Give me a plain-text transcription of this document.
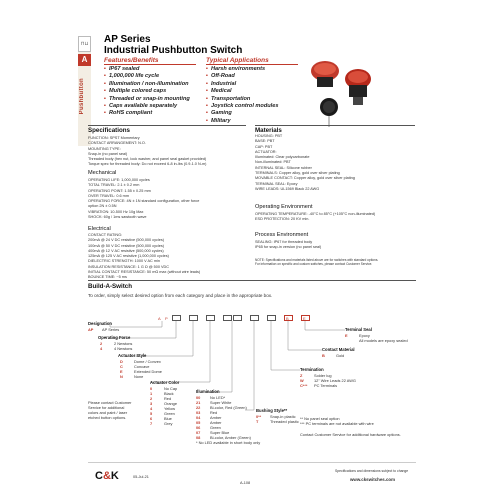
Pushbutton
⊓⊔
A
AP Series
Industrial Pushbutton Switch
Features/Benefits
▪ IP67 sealed
▪ 1,000,000 life cycle
▪ Illumination / non-illumination
▪ Multiple colored caps
▪ Threaded or snap-in mounting
▪ Caps available separately
▪ RoHS compliant
Typical Applications
▪ Harsh environments
▪ Off-Road
▪ Industrial
▪ Medical
▪ Transportation
▪ Joystick control modules
▪ Gaming
▪ Military
Specifications
FUNCTION: SPST Momentary
CONTACT ARRANGEMENT: N.O.
MOUNTING TYPE:
Snap-in (no panel seal)
Threaded body (hex nut, lock washer, and panel seal gasket provided)
Torque spec for threaded body: Do not exceed 6-8 in-lbs (0.9-1.0 N-m)
Mechanical
OPERATING LIFE: 1,000,000 cycles
TOTAL TRAVEL: 2.1 ± 0.2 mm
OPERATING POINT: 1.55 ± 0.25 mm
OVER TRAVEL: 0.6 mm
OPERATING FORCE: 4N ± 1N standard configuration, other force
option 2N ± 0.5N
VIBRATION: 10-500 Hz 10g Max
SHOCK: 60g / 1ms sawtooth wave
Electrical
CONTACT RATING:
200mA @ 24 V DC resistive (500,000 cycles)
100mA @ 50 V DC resistive (500,000 cycles)
400mA @ 12 V AC resistive (500,000 cycles)
125mA @ 125 V AC resistive (1,000,000 cycles)
DIELECTRIC STRENGTH: 1000 V AC min
INSULATION RESISTANCE: 1 G Ω @ 500 VDC
INITIAL CONTACT RESISTANCE: 50 mΩ max (without wire leads)
BOUNCE TIME: ~5 ms
Materials
HOUSING: PBT
BASE: PBT
CAP: PBT
ACTUATOR:
Illuminated: Clear polycarbonate
Non-illuminated: PBT
INTERNAL SEAL: Silicone rubber
TERMINALS: Copper alloy, gold over silver plating
MOVABLE CONTACT: Copper alloy, gold over silver plating
TERMINAL SEAL: Epoxy
WIRE LEADS: UL1569 Black 22 AWG
Operating Environment
OPERATING TEMPERATURE: -40°C to 85°C (+105°C non-illuminated)
ESD PROTECTION: 20 KV min.
Process Environment
SEALING: IP67 for threaded body
IP65 for snap-in version (no panel seal)
NOTE: Specifications and materials listed above are for switches with standard options.
For information on specific and custom switches, please contact Customer Service.
Build-A-Switch
To order, simply select desired option from each category and place in the appropriate box.
A P	B	E
Designation
AP AP Series
Operating Force
2	2 Newtons
4	4 Newtons
Actuator Style
D	Dome / Convex
C	Concave
E	Extended Dome
N	None
Actuator Color
0	No Cap
1	Black
2	Red
3	Orange
4	Yellow
5	Green
6	Blue
7	Grey
Please contact Customer
Service for additional
colors and paint / laser
etched button options.
Illumination
00 No LED*
21 Super White
22 Bi-color, Red (Green)
03 Red
04 Amber
05 Amber
06 Green
07 Super Blue
08 Bi-color, Amber (Green)
* No LED available in short body only
Bushing Style**
0** Snap-in plastic
T	Threaded plastic
** No panel seal option
*** PC terminals are not available with wire
Contact Customer Service for additional hardware options.
Terminal Seal
E	Epoxy
All models are epoxy sealed
Contact Material
B	Gold
Termination
Z	Solder lug
W	12" Wire Leads 22 AWG
C*** PC Terminals
C&K	05-Jul-21
A-108
Specifications and dimensions subject to change
www.ckswitches.com
